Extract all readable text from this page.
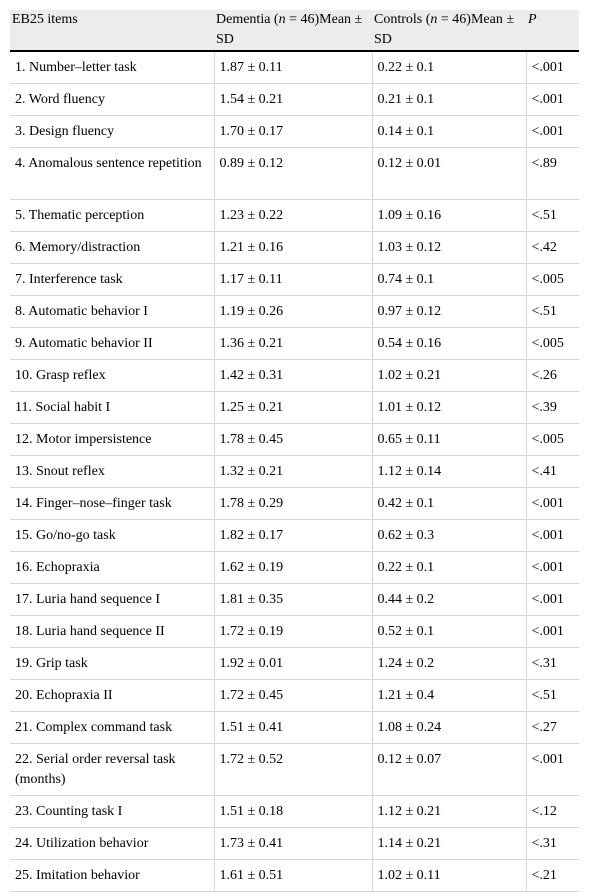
EB25 items	Dementia (n = 46)Mean ± SD	Controls (n = 46)Mean ± SD	P
1. Number–letter task	1.87 ± 0.11	0.22 ± 0.1	<.001
2. Word fluency	1.54 ± 0.21	0.21 ± 0.1	<.001
3. Design fluency	1.70 ± 0.17	0.14 ± 0.1	<.001
4. Anomalous sentence repetition	0.89 ± 0.12	0.12 ± 0.01	<.89
5. Thematic perception	1.23 ± 0.22	1.09 ± 0.16	<.51
6. Memory/distraction	1.21 ± 0.16	1.03 ± 0.12	<.42
7. Interference task	1.17 ± 0.11	0.74 ± 0.1	<.005
8. Automatic behavior I	1.19 ± 0.26	0.97 ± 0.12	<.51
9. Automatic behavior II	1.36 ± 0.21	0.54 ± 0.16	<.005
10. Grasp reflex	1.42 ± 0.31	1.02 ± 0.21	<.26
11. Social habit I	1.25 ± 0.21	1.01 ± 0.12	<.39
12. Motor impersistence	1.78 ± 0.45	0.65 ± 0.11	<.005
13. Snout reflex	1.32 ± 0.21	1.12 ± 0.14	<.41
14. Finger–nose–finger task	1.78 ± 0.29	0.42 ± 0.1	<.001
15. Go/no-go task	1.82 ± 0.17	0.62 ± 0.3	<.001
16. Echopraxia	1.62 ± 0.19	0.22 ± 0.1	<.001
17. Luria hand sequence I	1.81 ± 0.35	0.44 ± 0.2	<.001
18. Luria hand sequence II	1.72 ± 0.19	0.52 ± 0.1	<.001
19. Grip task	1.92 ± 0.01	1.24 ± 0.2	<.31
20. Echopraxia II	1.72 ± 0.45	1.21 ± 0.4	<.51
21. Complex command task	1.51 ± 0.41	1.08 ± 0.24	<.27
22. Serial order reversal task (months)	1.72 ± 0.52	0.12 ± 0.07	<.001
23. Counting task I	1.51 ± 0.18	1.12 ± 0.21	<.12
24. Utilization behavior	1.73 ± 0.41	1.14 ± 0.21	<.31
25. Imitation behavior	1.61 ± 0.51	1.02 ± 0.11	<.21
